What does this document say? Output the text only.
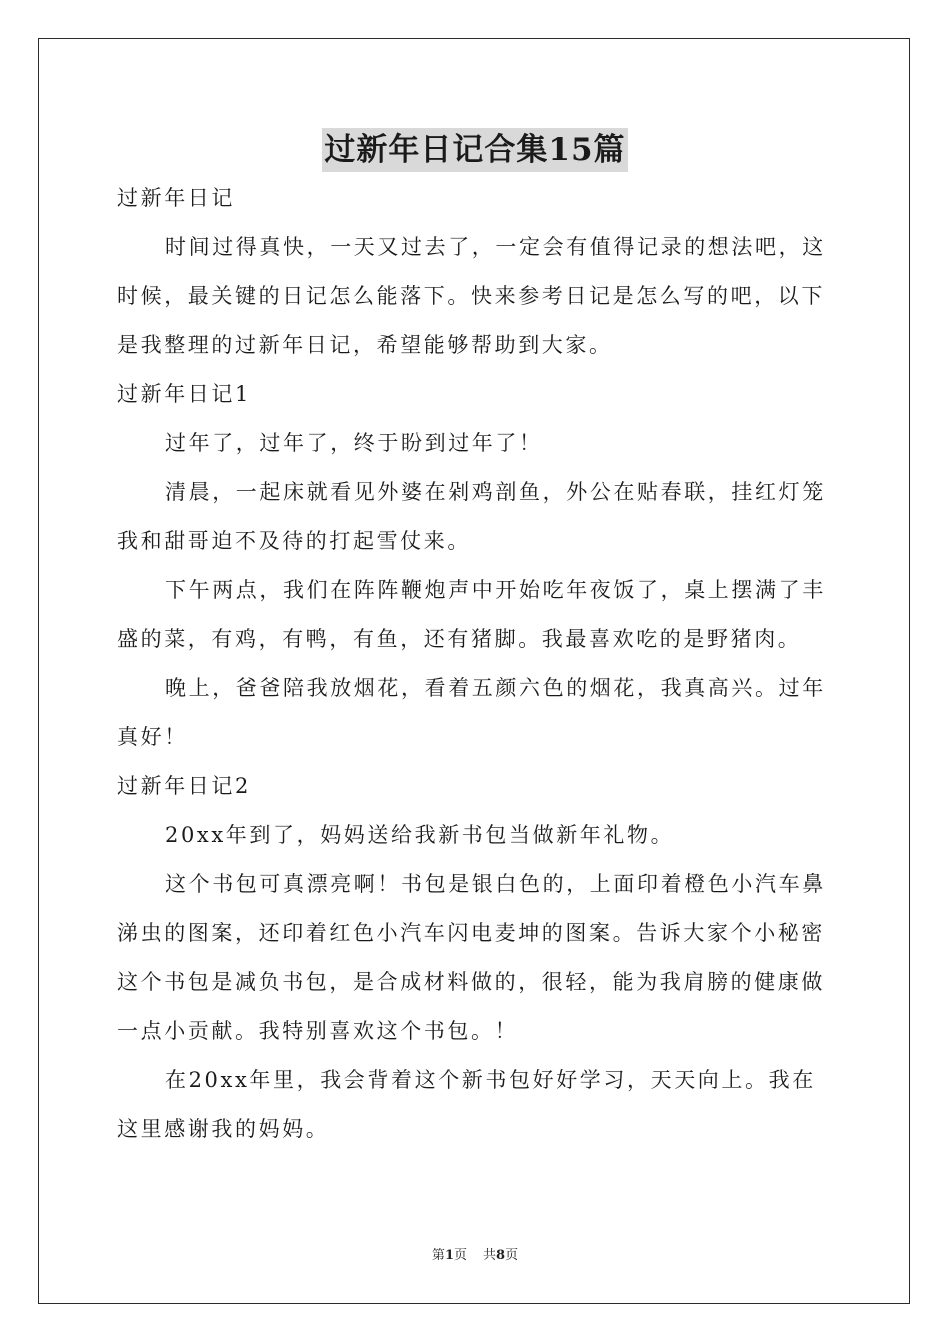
过新年日记合集15篇

过新年日记

时间过得真快，一天又过去了，一定会有值得记录的想法吧，这时候，最关键的日记怎么能落下。快来参考日记是怎么写的吧，以下是我整理的过新年日记，希望能够帮助到大家。

过新年日记1

过年了，过年了，终于盼到过年了！

清晨，一起床就看见外婆在剁鸡剖鱼，外公在贴春联，挂红灯笼我和甜哥迫不及待的打起雪仗来。

下午两点，我们在阵阵鞭炮声中开始吃年夜饭了，桌上摆满了丰盛的菜，有鸡，有鸭，有鱼，还有猪脚。我最喜欢吃的是野猪肉。

晚上，爸爸陪我放烟花，看着五颜六色的烟花，我真高兴。过年真好！

过新年日记2

20xx年到了，妈妈送给我新书包当做新年礼物。

这个书包可真漂亮啊！书包是银白色的，上面印着橙色小汽车鼻涕虫的图案，还印着红色小汽车闪电麦坤的图案。告诉大家个小秘密这个书包是减负书包，是合成材料做的，很轻，能为我肩膀的健康做一点小贡献。我特别喜欢这个书包。！

在20xx年里，我会背着这个新书包好好学习，天天向上。我在这里感谢我的妈妈。

第1页 共8页
